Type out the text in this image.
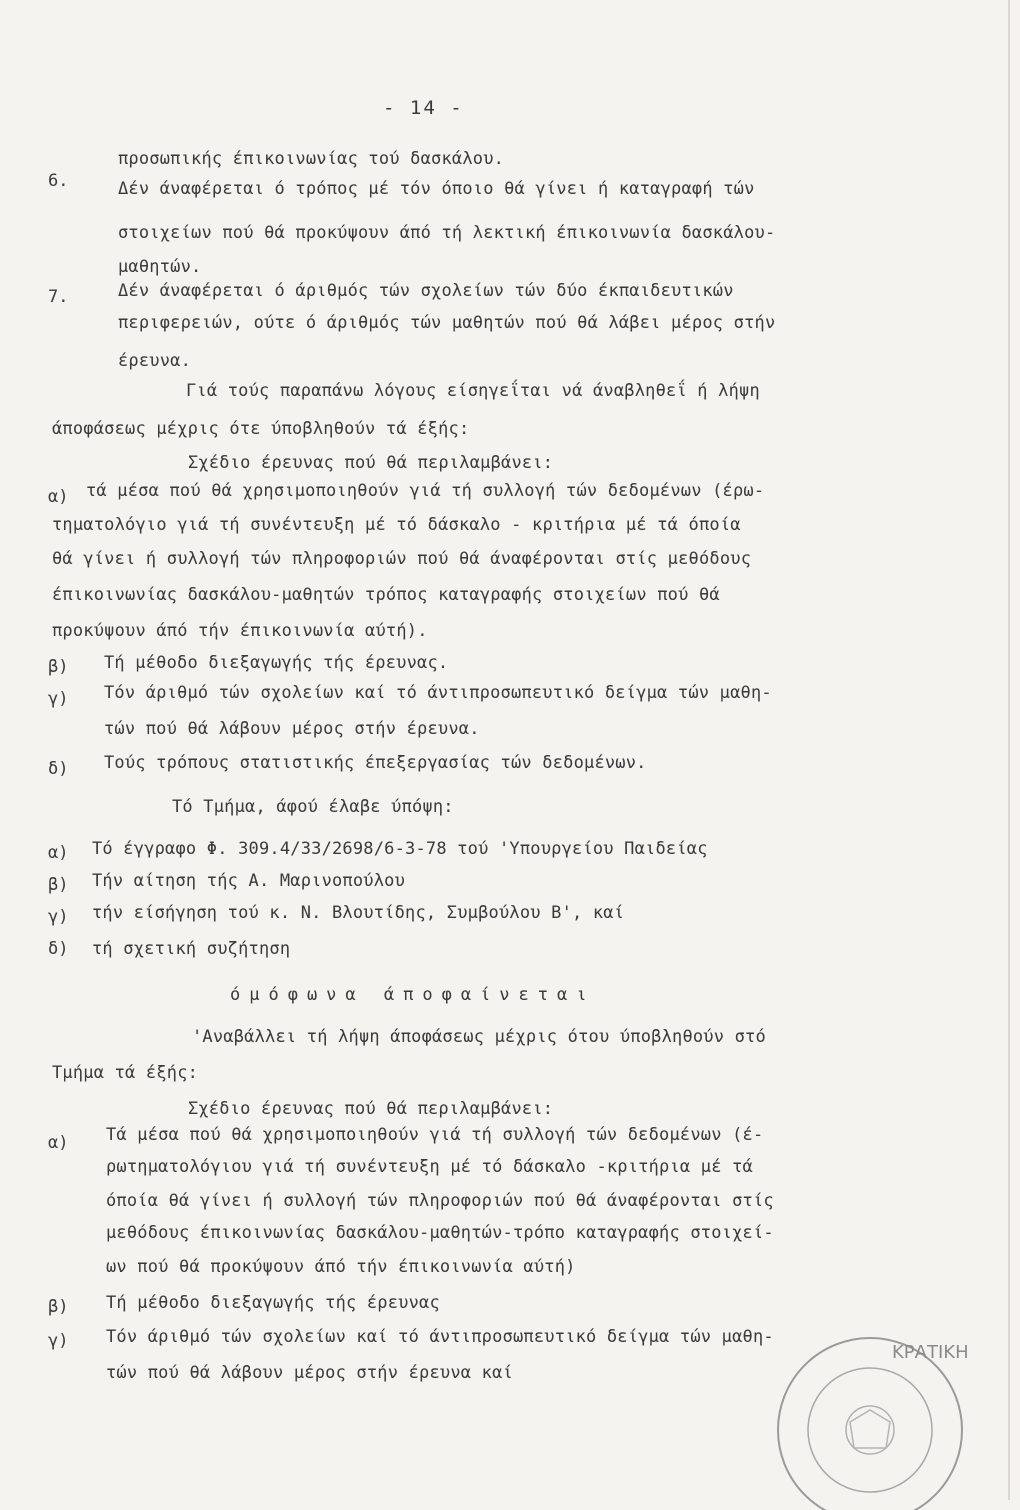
- 14 -
προσωπικής έπικοινωνίας τού δασκάλου.
6.	Δέν άναφέρεται ό τρόπος μέ τόν όποιο θά γίνει ή καταγραφή τών
στοιχείων πού θά προκύψουν άπό τή λεκτική έπικοινωνία δασκάλου-
μαθητών.
7.	Δέν άναφέρεται ό άριθμός τών σχολείων τών δύο έκπαιδευτικών
περιφερειών, ούτε ό άριθμός τών μαθητών πού θά λάβει μέρος στήν
έρευνα.
Γιά τούς παραπάνω λόγους είσηγεΐται νά άναβληθεΐ ή λήψη
άποφάσεως μέχρις ότε ύποβληθούν τά έξής:
Σχέδιο έρευνας πού θά περιλαμβάνει:
α) τά μέσα πού θά χρησιμοποιηθούν γιά τή συλλογή τών δεδομένων (έρω-
τηματολόγιο γιά τή συνέντευξη μέ τό δάσκαλο - κριτήρια μέ τά όποία
θά γίνει ή συλλογή τών πληροφοριών πού θά άναφέρονται στίς μεθόδους
έπικοινωνίας δασκάλου-μαθητών τρόπος καταγραφής στοιχείων πού θά
προκύψουν άπό τήν έπικοινωνία αύτή).
β) Τή μέθοδο διεξαγωγής τής έρευνας.
γ) Τόν άριθμό τών σχολείων καί τό άντιπροσωπευτικό δείγμα τών μαθη-
τών πού θά λάβουν μέρος στήν έρευνα.
δ) Τούς τρόπους στατιστικής έπεξεργασίας τών δεδομένων.
Τό Τμήμα, άφού έλαβε ύπόψη:
α) Τό έγγραφο Φ. 309.4/33/2698/6-3-78 τού 'Υπουργείου Παιδείας
β) Τήν αίτηση τής Α. Μαρινοπούλου
γ) τήν είσήγηση τού κ. Ν. Βλουτίδης, Συμβούλου Β', καί
δ) τή σχετική συζήτηση
όμόφωνα άποφαίνεται
'Αναβάλλει τή λήψη άποφάσεως μέχρις ότου ύποβληθούν στό
Τμήμα τά έξής:
Σχέδιο έρευνας πού θά περιλαμβάνει:
α) Τά μέσα πού θά χρησιμοποιηθούν γιά τή συλλογή τών δεδομένων (έ-
ρωτηματολόγιου γιά τή συνέντευξη μέ τό δάσκαλο -κριτήρια μέ τά
όποία θά γίνει ή συλλογή τών πληροφοριών πού θά άναφέρονται στίς
μεθόδους έπικοινωνίας δασκάλου-μαθητών-τρόπο καταγραφής στοιχεί-
ων πού θά προκύψουν άπό τήν έπικοινωνία αύτή)
β) Τή μέθοδο διεξαγωγής τής έρευνας
γ) Τόν άριθμό τών σχολείων καί τό άντιπροσωπευτικό δείγμα τών μαθη-
τών πού θά λάβουν μέρος στήν έρευνα καί
ΚΡΑΤΙΚΗ
